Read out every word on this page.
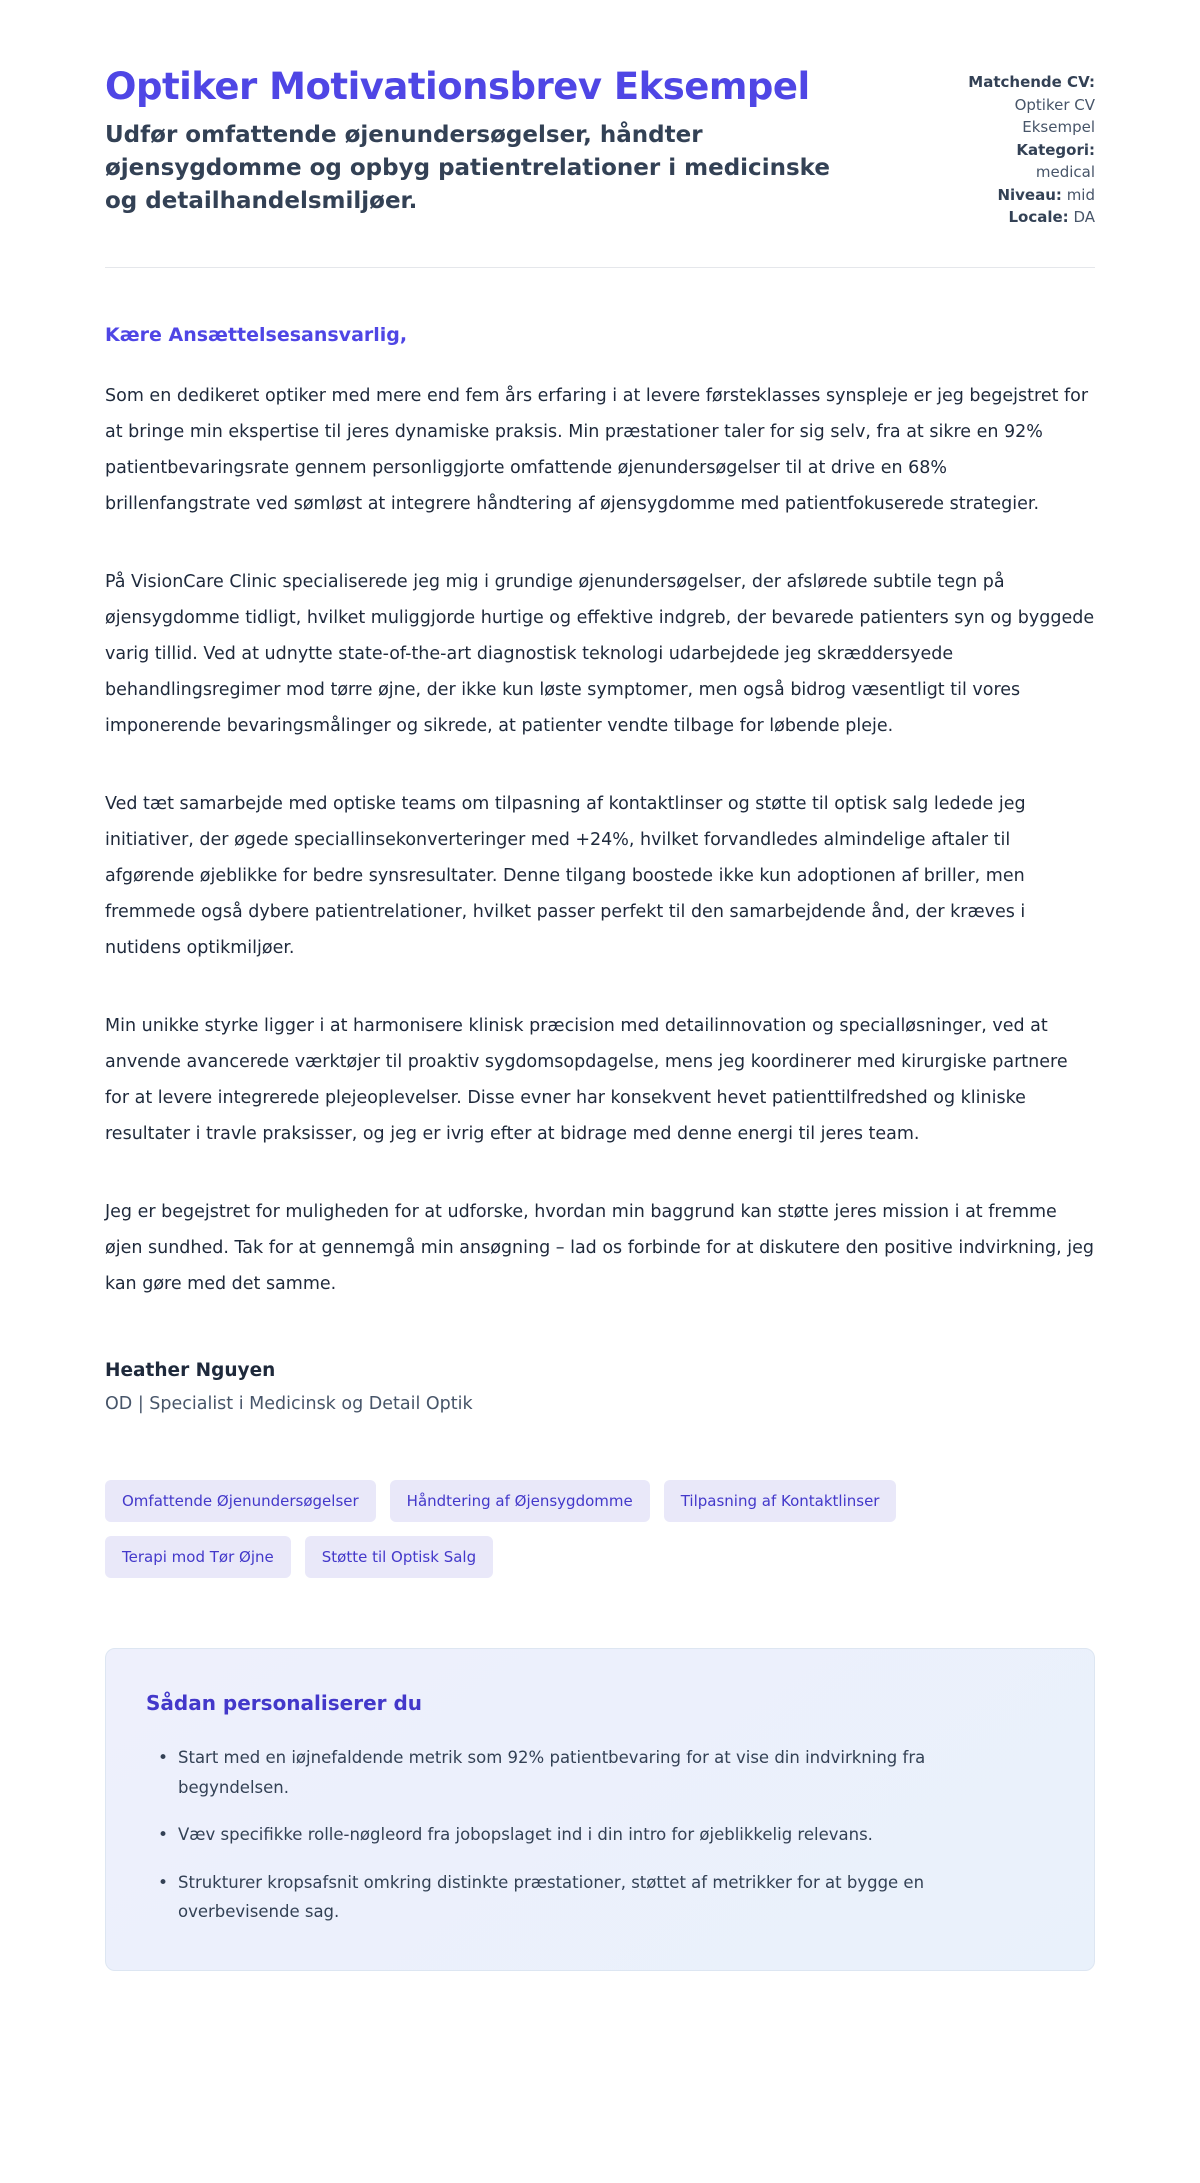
Optiker Motivationsbrev Eksempel
Udfør omfattende øjenundersøgelser, håndter øjensygdomme og opbyg patientrelationer i medicinske og detailhandelsmiljøer.
Matchende CV:
Optiker CV Eksempel
Kategori:
medical
Niveau: mid
Locale: DA

Kære Ansættelsesansvarlig,

Som en dedikeret optiker med mere end fem års erfaring i at levere førsteklasses synspleje er jeg begejstret for at bringe min ekspertise til jeres dynamiske praksis. Min præstationer taler for sig selv, fra at sikre en 92% patientbevaringsrate gennem personliggjorte omfattende øjenundersøgelser til at drive en 68% brillenfangstrate ved sømløst at integrere håndtering af øjensygdomme med patientfokuserede strategier.

På VisionCare Clinic specialiserede jeg mig i grundige øjenundersøgelser, der afslørede subtile tegn på øjensygdomme tidligt, hvilket muliggjorde hurtige og effektive indgreb, der bevarede patienters syn og byggede varig tillid. Ved at udnytte state-of-the-art diagnostisk teknologi udarbejdede jeg skræddersyede behandlingsregimer mod tørre øjne, der ikke kun løste symptomer, men også bidrog væsentligt til vores imponerende bevaringsmålinger og sikrede, at patienter vendte tilbage for løbende pleje.

Ved tæt samarbejde med optiske teams om tilpasning af kontaktlinser og støtte til optisk salg ledede jeg initiativer, der øgede speciallinsekonverteringer med +24%, hvilket forvandledes almindelige aftaler til afgørende øjeblikke for bedre synsresultater. Denne tilgang boostede ikke kun adoptionen af briller, men fremmede også dybere patientrelationer, hvilket passer perfekt til den samarbejdende ånd, der kræves i nutidens optikmiljøer.

Min unikke styrke ligger i at harmonisere klinisk præcision med detailinnovation og specialløsninger, ved at anvende avancerede værktøjer til proaktiv sygdomsopdagelse, mens jeg koordinerer med kirurgiske partnere for at levere integrerede plejeoplevelser. Disse evner har konsekvent hevet patienttilfredshed og kliniske resultater i travle praksisser, og jeg er ivrig efter at bidrage med denne energi til jeres team.

Jeg er begejstret for muligheden for at udforske, hvordan min baggrund kan støtte jeres mission i at fremme øjen sundhed. Tak for at gennemgå min ansøgning – lad os forbinde for at diskutere den positive indvirkning, jeg kan gøre med det samme.

Heather Nguyen

OD | Specialist i Medicinsk og Detail Optik

Omfattende Øjenundersøgelser	Håndtering af Øjensygdomme	Tilpasning af Kontaktlinser
Terapi mod Tør Øjne	Støtte til Optisk Salg
Sådan personaliserer du
• Start med en iøjnefaldende metrik som 92% patientbevaring for at vise din indvirkning fra begyndelsen.
• Væv specifikke rolle-nøgleord fra jobopslaget ind i din intro for øjeblikkelig relevans.
• Strukturer kropsafsnit omkring distinkte præstationer, støttet af metrikker for at bygge en overbevisende sag.
